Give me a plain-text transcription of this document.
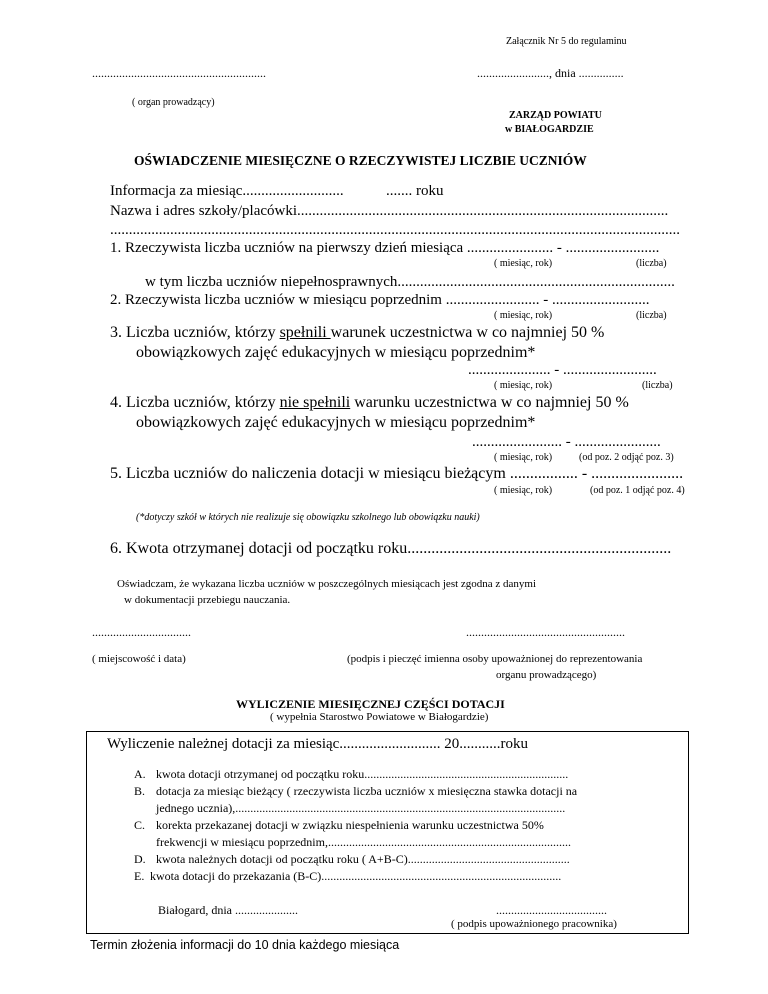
Załącznik Nr 5 do regulaminu
..........................................................	........................, dnia ...............
( organ prowadzący)
ZARZĄD POWIATU
w BIAŁOGARDZIE
OŚWIADCZENIE MIESIĘCZNE O RZECZYWISTEJ LICZBIE UCZNIÓW
Informacja za miesiąc...........................	....... roku
Nazwa i adres szkoły/placówki...................................................................................................
........................................................................................................................................................
1. Rzeczywista liczba uczniów na pierwszy dzień miesiąca ....................... - .........................
( miesiąc, rok)	(liczba)
w tym liczba uczniów niepełnosprawnych..........................................................................
2. Rzeczywista liczba uczniów w miesiącu poprzednim ......................... - ..........................
( miesiąc, rok)	(liczba)
3. Liczba uczniów, którzy spełnili warunek uczestnictwa w co najmniej 50 %
obowiązkowych zajęć edukacyjnych w miesiącu poprzednim*
...................... - .........................
( miesiąc, rok)	(liczba)
4. Liczba uczniów, którzy nie spełnili warunku uczestnictwa w co najmniej 50 %
obowiązkowych zajęć edukacyjnych w miesiącu poprzednim*
........................ - .......................
( miesiąc, rok)	(od poz. 2 odjąć poz. 3)
5. Liczba uczniów do naliczenia dotacji w miesiącu bieżącym ................. - .......................
( miesiąc, rok)	(od poz. 1 odjąć poz. 4)
(*dotyczy szkół w których nie realizuje się obowiązku szkolnego lub obowiązku nauki)
6. Kwota otrzymanej dotacji od początku roku..................................................................
Oświadczam, że wykazana liczba uczniów w poszczególnych miesiącach jest zgodna z danymi
w dokumentacji przebiegu nauczania.
.................................	.....................................................
( miejscowość i data)	(podpis i pieczęć imienna osoby upoważnionej do reprezentowania
organu prowadzącego)
WYLICZENIE MIESIĘCZNEJ CZĘŚCI DOTACJI
( wypełnia Starostwo Powiatowe w Białogardzie)
Wyliczenie należnej dotacji za miesiąc........................... 20...........roku
A. kwota dotacji otrzymanej od początku roku....................................................................
B. dotacja za miesiąc bieżący ( rzeczywista liczba uczniów x miesięczna stawka dotacji na
jednego ucznia),..............................................................................................................
C. korekta przekazanej dotacji w związku niespełnienia warunku uczestnictwa 50%
frekwencji w miesiącu poprzednim,.................................................................................
D. kwota należnych dotacji od początku roku ( A+B-C)......................................................
E. kwota dotacji do przekazania (B-C)................................................................................
Białogard, dnia .....................	.....................................
( podpis upoważnionego pracownika)
Termin złożenia informacji do 10 dnia każdego miesiąca
